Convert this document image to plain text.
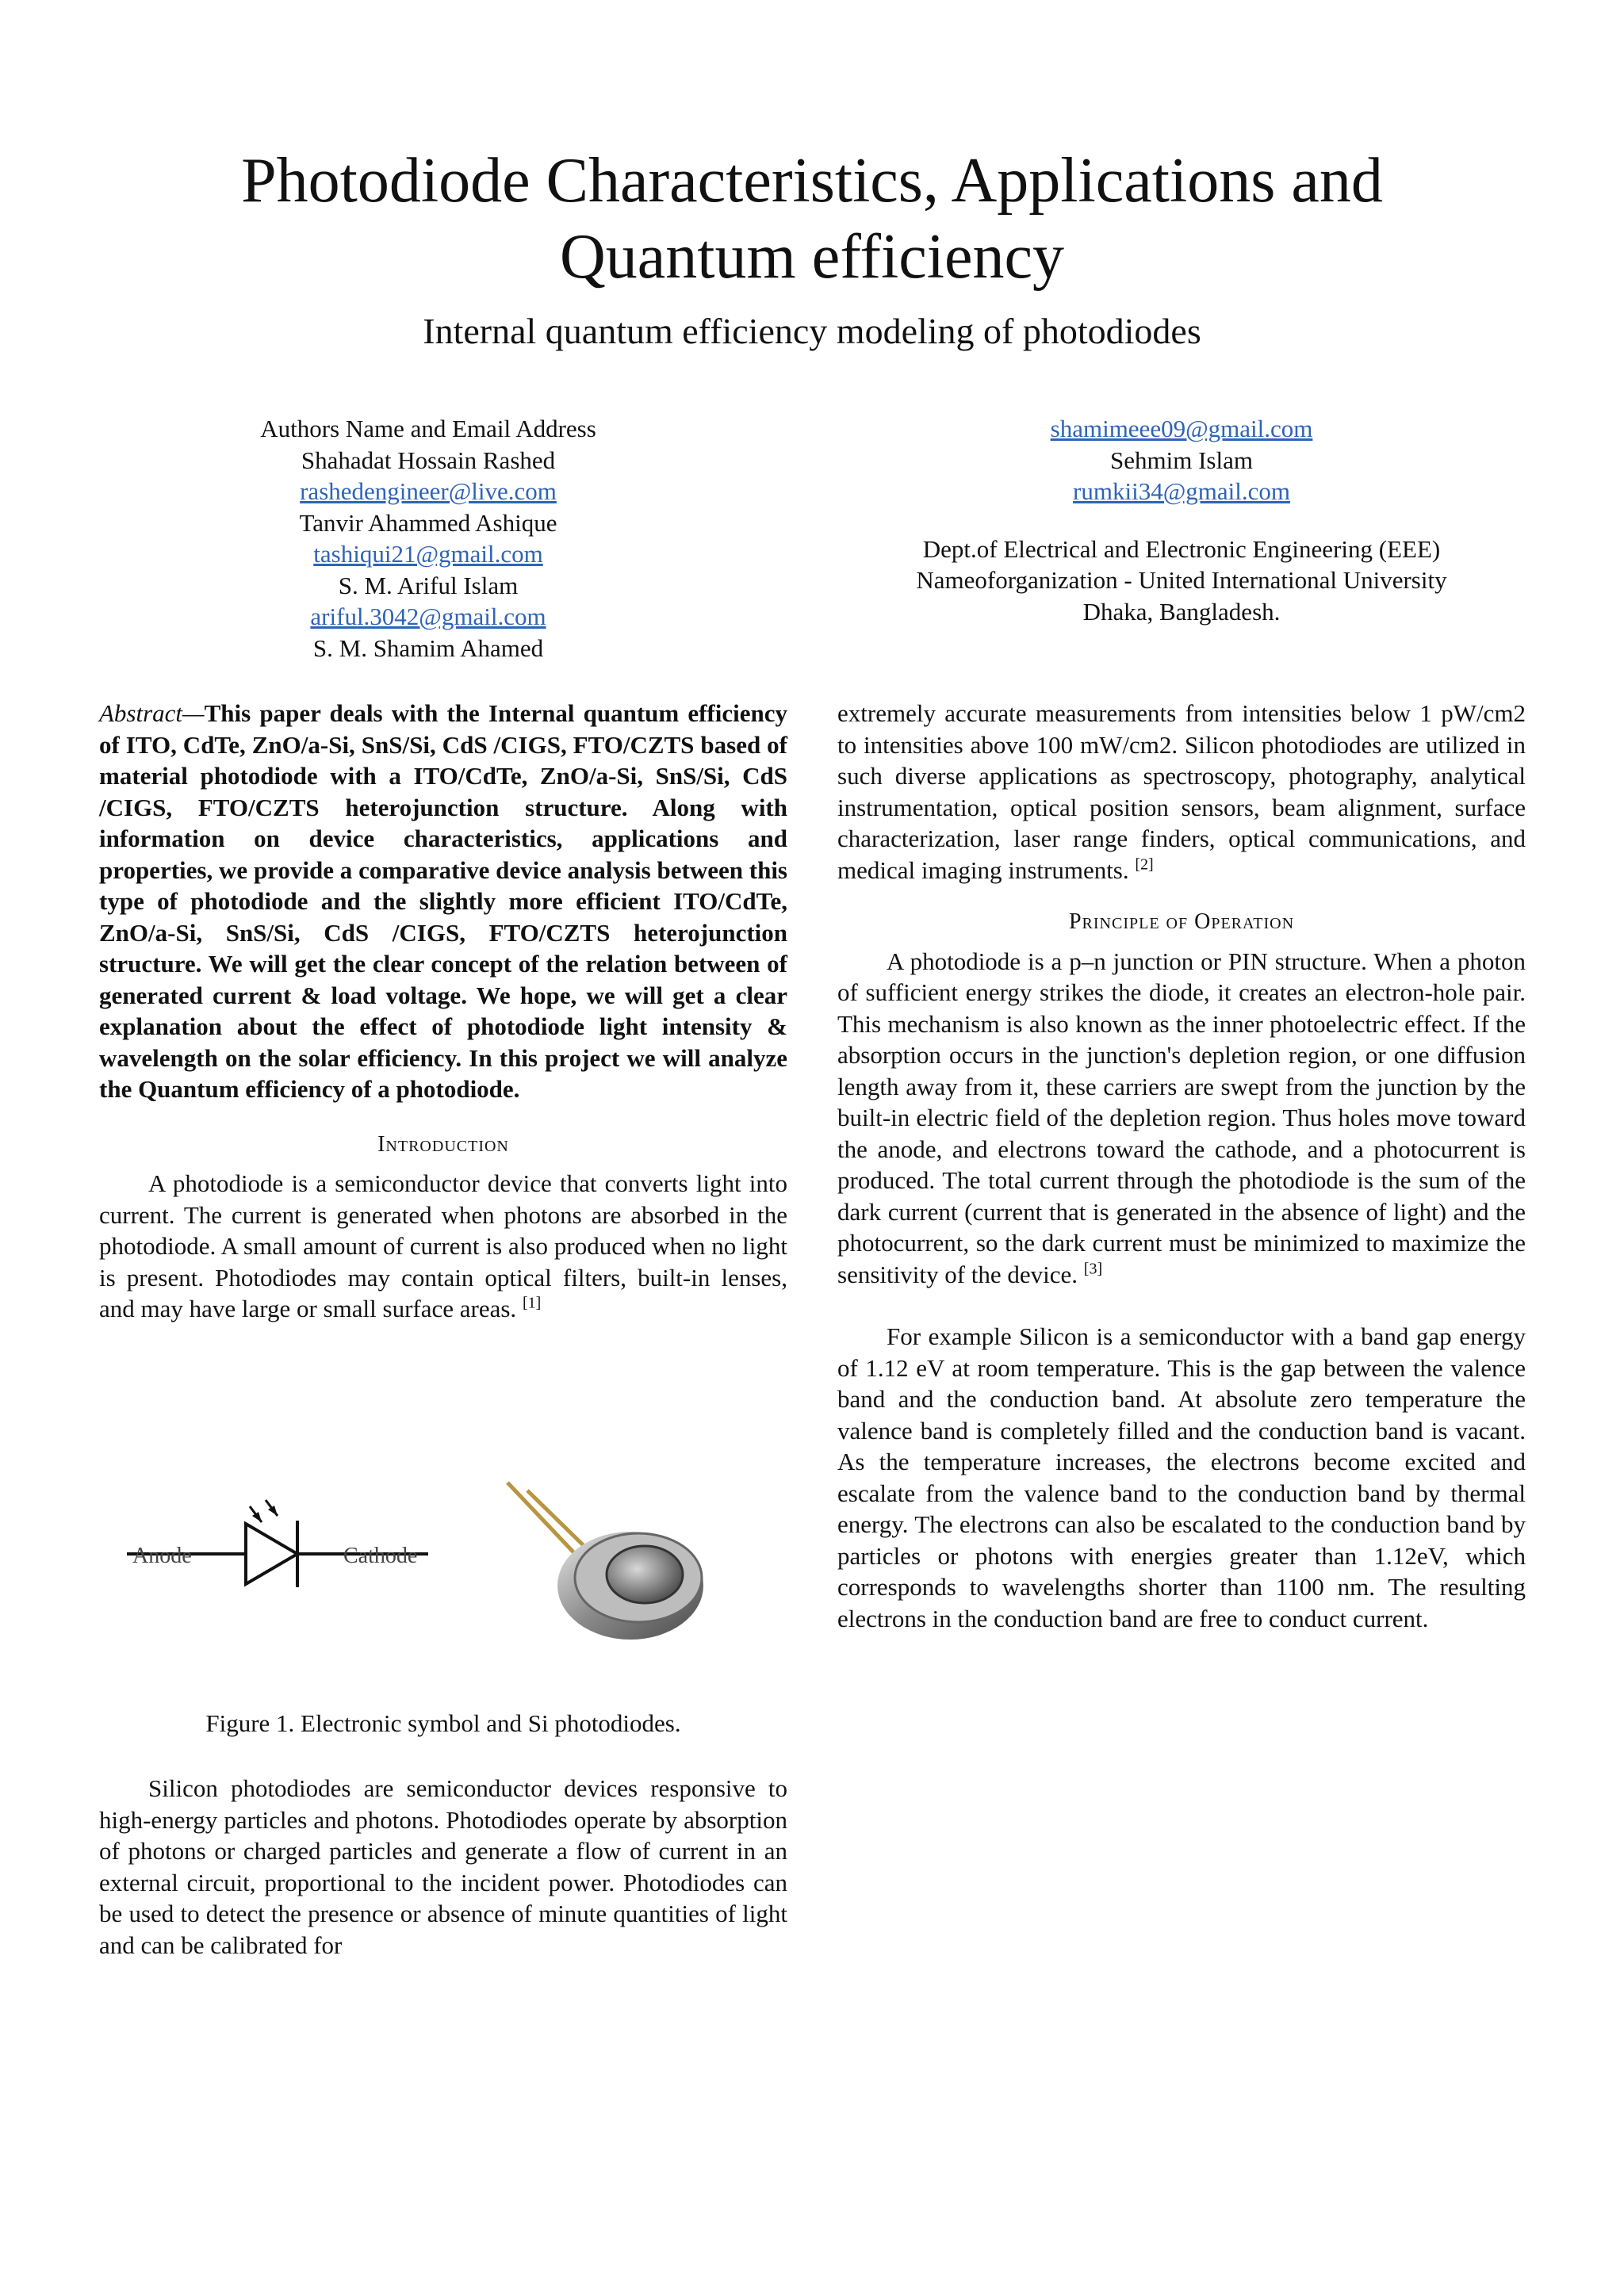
Photodiode Characteristics, Applications and
Quantum efficiency
Internal quantum efficiency modeling of photodiodes
Authors Name and Email Address
Shahadat Hossain Rashed
rashedengineer@live.com
Tanvir Ahammed Ashique
tashiqui21@gmail.com
S. M. Ariful Islam
ariful.3042@gmail.com
S. M. Shamim Ahamed
shamimeee09@gmail.com
Sehmim Islam
rumkii34@gmail.com
Dept.of Electrical and Electronic Engineering (EEE)
Nameoforganization - United International University
Dhaka, Bangladesh.

Abstract—This paper deals with the Internal quantum efficiency of ITO, CdTe, ZnO/a-Si, SnS/Si, CdS /CIGS, FTO/CZTS based of material photodiode with a ITO/CdTe, ZnO/a-Si, SnS/Si, CdS /CIGS, FTO/CZTS heterojunction structure. Along with information on device characteristics, applications and properties, we provide a comparative device analysis between this type of photodiode and the slightly more efficient ITO/CdTe, ZnO/a-Si, SnS/Si, CdS /CIGS, FTO/CZTS heterojunction structure. We will get the clear concept of the relation between of generated current & load voltage. We hope, we will get a clear explanation about the effect of photodiode light intensity & wavelength on the solar efficiency. In this project we will analyze the Quantum efficiency of a photodiode.

Introduction

A photodiode is a semiconductor device that converts light into current. The current is generated when photons are absorbed in the photodiode. A small amount of current is also produced when no light is present. Photodiodes may contain optical filters, built-in lenses, and may have large or small surface areas. [1]

Anode	Cathode
Figure 1. Electronic symbol and Si photodiodes.

Silicon photodiodes are semiconductor devices responsive to high-energy particles and photons. Photodiodes operate by absorption of photons or charged particles and generate a flow of current in an external circuit, proportional to the incident power. Photodiodes can be used to detect the presence or absence of minute quantities of light and can be calibrated for

extremely accurate measurements from intensities below 1 pW/cm2 to intensities above 100 mW/cm2. Silicon photodiodes are utilized in such diverse applications as spectroscopy, photography, analytical instrumentation, optical position sensors, beam alignment, surface characterization, laser range finders, optical communications, and medical imaging instruments. [2]

Principle of Operation

A photodiode is a p–n junction or PIN structure. When a photon of sufficient energy strikes the diode, it creates an electron-hole pair. This mechanism is also known as the inner photoelectric effect. If the absorption occurs in the junction's depletion region, or one diffusion length away from it, these carriers are swept from the junction by the built-in electric field of the depletion region. Thus holes move toward the anode, and electrons toward the cathode, and a photocurrent is produced. The total current through the photodiode is the sum of the dark current (current that is generated in the absence of light) and the photocurrent, so the dark current must be minimized to maximize the sensitivity of the device. [3]

For example Silicon is a semiconductor with a band gap energy of 1.12 eV at room temperature. This is the gap between the valence band and the conduction band. At absolute zero temperature the valence band is completely filled and the conduction band is vacant. As the temperature increases, the electrons become excited and escalate from the valence band to the conduction band by thermal energy. The electrons can also be escalated to the conduction band by particles or photons with energies greater than 1.12eV, which corresponds to wavelengths shorter than 1100 nm. The resulting electrons in the conduction band are free to conduct current.
